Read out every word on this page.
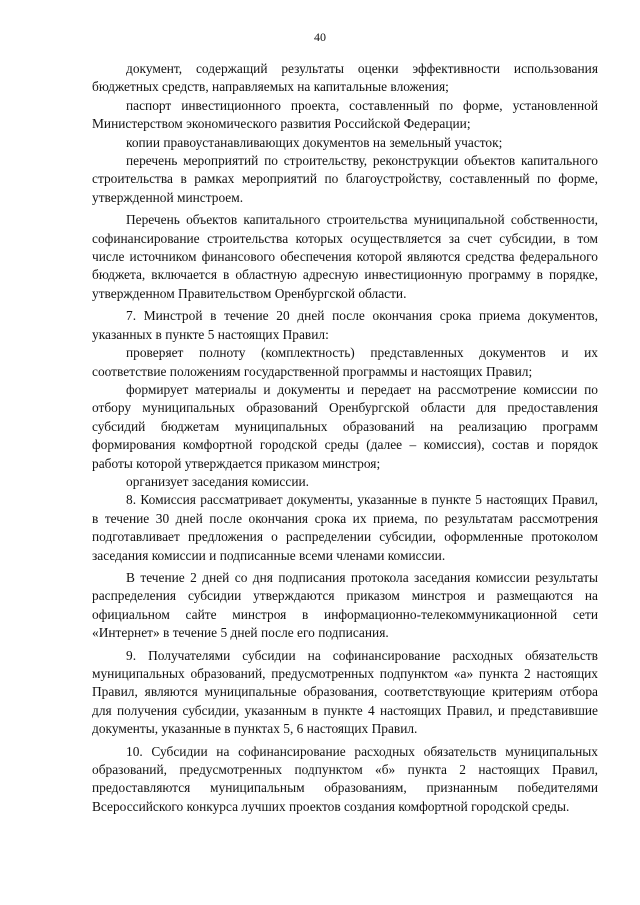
40

документ, содержащий результаты оценки эффективности использования бюджетных средств, направляемых на капитальные вложения;

паспорт инвестиционного проекта, составленный по форме, установленной Министерством экономического развития Российской Федерации;

копии правоустанавливающих документов на земельный участок;

перечень мероприятий по строительству, реконструкции объектов капитального строительства в рамках мероприятий по благоустройству, составленный по форме, утвержденной минстроем.

Перечень объектов капитального строительства муниципальной собственности, софинансирование строительства которых осуществляется за счет субсидии, в том числе источником финансового обеспечения которой являются средства федерального бюджета, включается в областную адресную инвестиционную программу в порядке, утвержденном Правительством Оренбургской области.

7. Минстрой в течение 20 дней после окончания срока приема документов, указанных в пункте 5 настоящих Правил:

проверяет полноту (комплектность) представленных документов и их соответствие положениям государственной программы и настоящих Правил;

формирует материалы и документы и передает на рассмотрение комиссии по отбору муниципальных образований Оренбургской области для предоставления субсидий бюджетам муниципальных образований на реализацию программ формирования комфортной городской среды (далее – комиссия), состав и порядок работы которой утверждается приказом минстроя;

организует заседания комиссии.

8. Комиссия рассматривает документы, указанные в пункте 5 настоящих Правил, в течение 30 дней после окончания срока их приема, по результатам рассмотрения подготавливает предложения о распределении субсидии, оформленные протоколом заседания комиссии и подписанные всеми членами комиссии.

В течение 2 дней со дня подписания протокола заседания комиссии результаты распределения субсидии утверждаются приказом минстроя и размещаются на официальном сайте минстроя в информационно-телекоммуникационной сети «Интернет» в течение 5 дней после его подписания.

9. Получателями субсидии на софинансирование расходных обязательств муниципальных образований, предусмотренных подпунктом «а» пункта 2 настоящих Правил, являются муниципальные образования, соответствующие критериям отбора для получения субсидии, указанным в пункте 4 настоящих Правил, и представившие документы, указанные в пунктах 5, 6 настоящих Правил.

10. Субсидии на софинансирование расходных обязательств муниципальных образований, предусмотренных подпунктом «б» пункта 2 настоящих Правил, предоставляются муниципальным образованиям, признанным победителями Всероссийского конкурса лучших проектов создания комфортной городской среды.
